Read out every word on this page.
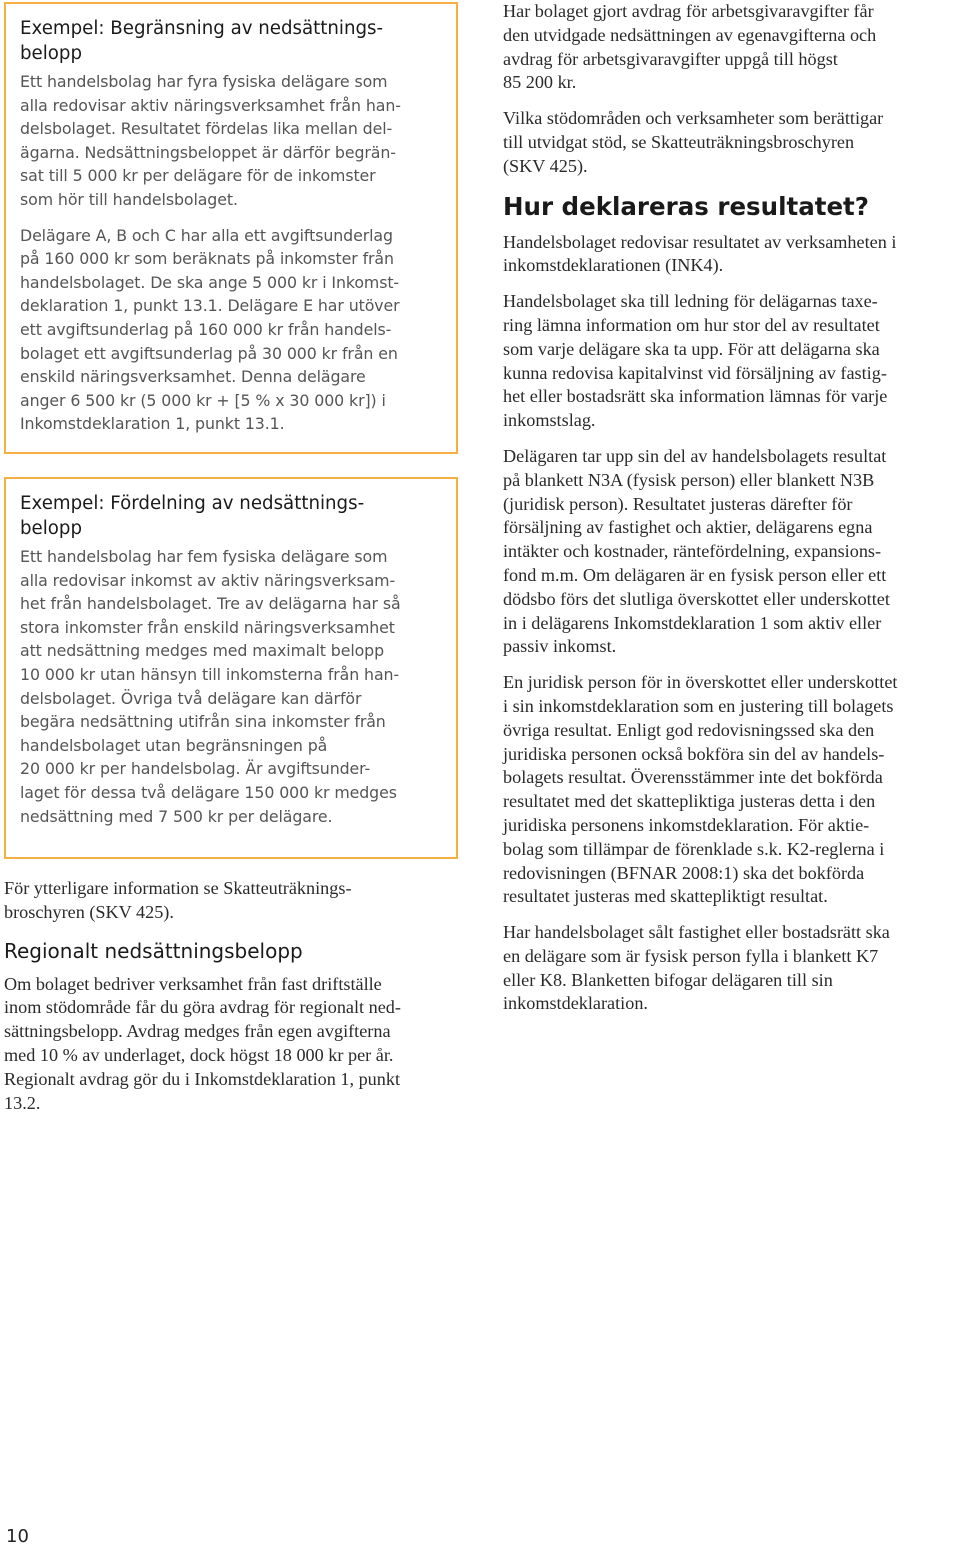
Exempel: Begränsning av nedsättnings-
belopp
Ett handelsbolag har fyra fysiska delägare som
alla redovisar aktiv näringsverksamhet från han-
delsbolaget. Resultatet fördelas lika mellan del-
ägarna. Nedsättningsbeloppet är därför begrän-
sat till 5 000 kr per delägare för de inkomster
som hör till handelsbolaget.
Delägare A, B och C har alla ett avgiftsunderlag
på 160 000 kr som beräknats på inkomster från
handelsbolaget. De ska ange 5 000 kr i Inkomst-
deklaration 1, punkt 13.1. Delägare E har utöver
ett avgiftsunderlag på 160 000 kr från handels-
bolaget ett avgiftsunderlag på 30 000 kr från en
enskild näringsverksamhet. Denna delägare
anger 6 500 kr (5 000 kr + [5 % x 30 000 kr]) i
Inkomstdeklaration 1, punkt 13.1.
Exempel: Fördelning av nedsättnings-
belopp
Ett handelsbolag har fem fysiska delägare som
alla redovisar inkomst av aktiv näringsverksam-
het från handelsbolaget. Tre av delägarna har så
stora inkomster från enskild näringsverksamhet
att nedsättning medges med maximalt belopp
10 000 kr utan hänsyn till inkomsterna från han-
delsbolaget. Övriga två delägare kan därför
begära nedsättning utifrån sina inkomster från
handelsbolaget utan begränsningen på
20 000 kr per handelsbolag. Är avgiftsunder-
laget för dessa två delägare 150 000 kr medges
nedsättning med 7 500 kr per delägare.
För ytterligare information se Skatteuträknings-
broschyren (SKV 425).
Regionalt nedsättningsbelopp
Om bolaget bedriver verksamhet från fast driftställe
inom stödområde får du göra avdrag för regionalt ned-
sättningsbelopp. Avdrag medges från egen avgifterna
med 10 % av underlaget, dock högst 18 000 kr per år.
Regionalt avdrag gör du i Inkomstdeklaration 1, punkt
13.2.
Har bolaget gjort avdrag för arbetsgivaravgifter får
den utvidgade nedsättningen av egenavgifterna och
avdrag för arbetsgivaravgifter uppgå till högst
85 200 kr.
Vilka stödområden och verksamheter som berättigar
till utvidgat stöd, se Skatteuträkningsbroschyren
(SKV 425).
Hur deklareras resultatet?
Handelsbolaget redovisar resultatet av verksamheten i
inkomstdeklarationen (INK4).
Handelsbolaget ska till ledning för delägarnas taxe-
ring lämna information om hur stor del av resultatet
som varje delägare ska ta upp. För att delägarna ska
kunna redovisa kapitalvinst vid försäljning av fastig-
het eller bostadsrätt ska information lämnas för varje
inkomstslag.
Delägaren tar upp sin del av handelsbolagets resultat
på blankett N3A (fysisk person) eller blankett N3B
(juridisk person). Resultatet justeras därefter för
försäljning av fastighet och aktier, delägarens egna
intäkter och kostnader, räntefördelning, expansions-
fond m.m. Om delägaren är en fysisk person eller ett
dödsbo förs det slutliga överskottet eller underskottet
in i delägarens Inkomstdeklaration 1 som aktiv eller
passiv inkomst.
En juridisk person för in överskottet eller underskottet
i sin inkomstdeklaration som en justering till bolagets
övriga resultat. Enligt god redovisningssed ska den
juridiska personen också bokföra sin del av handels-
bolagets resultat. Överensstämmer inte det bokförda
resultatet med det skattepliktiga justeras detta i den
juridiska personens inkomstdeklaration. För aktie-
bolag som tillämpar de förenklade s.k. K2-reglerna i
redovisningen (BFNAR 2008:1) ska det bokförda
resultatet justeras med skattepliktigt resultat.
Har handelsbolaget sålt fastighet eller bostadsrätt ska
en delägare som är fysisk person fylla i blankett K7
eller K8. Blanketten bifogar delägaren till sin
inkomstdeklaration.
10
